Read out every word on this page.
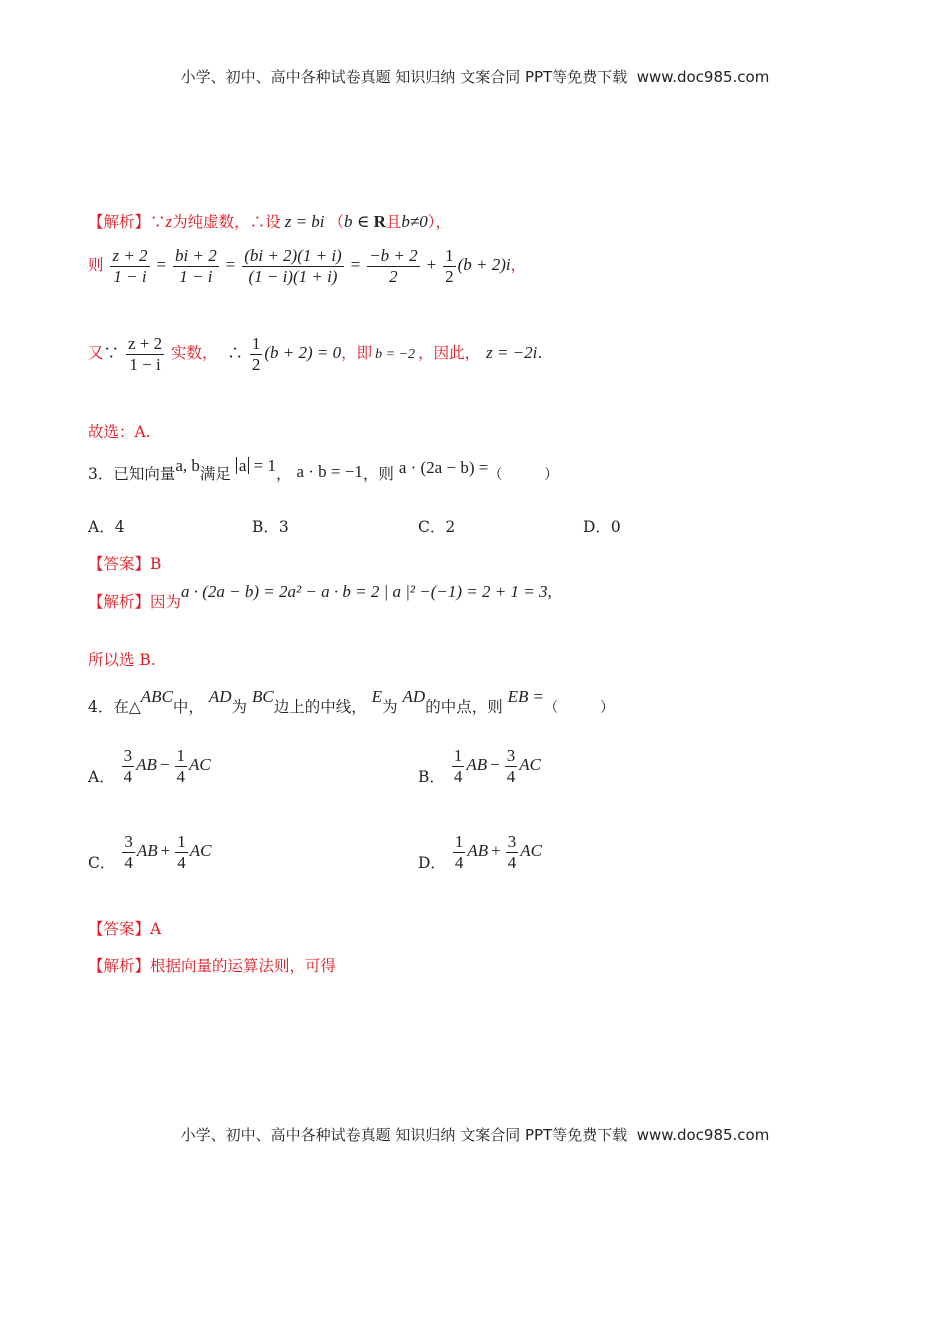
小学、初中、高中各种试卷真题 知识归纳 文案合同 PPT等免费下载 www.doc985.com
【解析】∵z为纯虚数，∴设 z = bi （b ∈ R且b≠0），
则 $\frac{z + 2}{1 - i} = \frac{bi + 2}{1 - i} = \frac{(bi + 2)(1 + i)}{(1 - i)(1 + i)} = \frac{-b + 2}{2} + \frac{1}{2} (b + 2)i$，
又∵ $\frac{z + 2}{1 - i}$ 实数， ∴ $\frac{1}{2} (b + 2) = 0$，即 b = −2 ，因此， z = −2i.
故选：A.
3．已知向量a, b满足 a = 1， a · b = −1，则 a · (2a − b) =（　　　）
A．4	B．3	C．2	D．0
【答案】B
【解析】因为a · (2a − b) = 2a² − a · b = 2 | a |² −(−1) = 2 + 1 = 3,
所以选 B.
4．在△ABC中， AD为 BC边上的中线， E为 AD的中点，则 EB =（　　　）
A． $\frac{3}{4}$ AB − $\frac{1}{4}$ AC
B． $\frac{1}{4}$ AB − $\frac{3}{4}$ AC
C． $\frac{3}{4}$ AB + $\frac{1}{4}$ AC
D． $\frac{1}{4}$ AB + $\frac{3}{4}$ AC
【答案】A
【解析】根据向量的运算法则，可得
小学、初中、高中各种试卷真题 知识归纳 文案合同 PPT等免费下载 www.doc985.com
